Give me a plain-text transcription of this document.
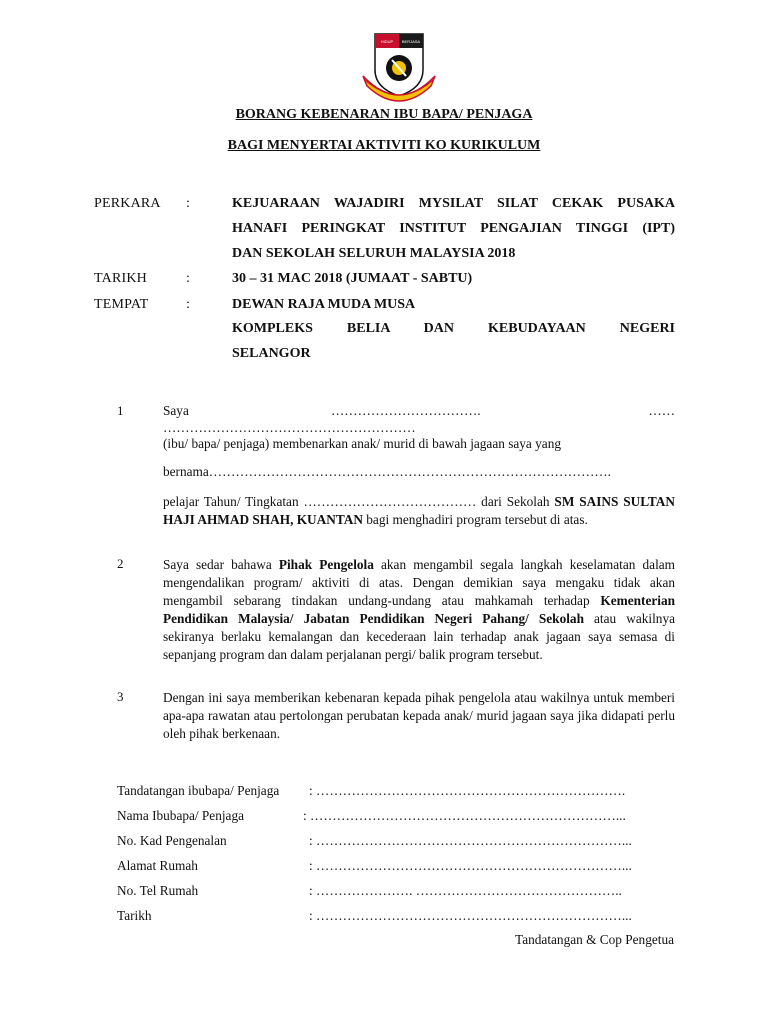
HIDUP BERJASA
BORANG KEBENARAN IBU BAPA/ PENJAGA
BAGI MENYERTAI AKTIVITI KO KURIKULUM
PERKARA :	KEJUARAAN WAJADIRI MYSILAT SILAT CEKAK PUSAKA
HANAFI PERINGKAT INSTITUT PENGAJIAN TINGGI (IPT)
DAN SEKOLAH SELURUH MALAYSIA 2018
TARIKH	:	30 – 31 MAC 2018 (JUMAAT - SABTU)
TEMPAT	:	DEWAN RAJA MUDA MUSA
KOMPLEKS BELIA DAN KEBUDAYAAN NEGERI
SELANGOR
1	Saya	…………………………….	……
…………………………………………………
(ibu/ bapa/ penjaga) membenarkan anak/ murid di bawah jagaan saya yang
bernama……………………………………………………………………………….
pelajar Tahun/ Tingkatan ………………………………… dari Sekolah SM SAINS SULTAN HAJI AHMAD SHAH, KUANTAN bagi menghadiri program tersebut di atas.
2	Saya sedar bahawa Pihak Pengelola akan mengambil segala langkah keselamatan dalam mengendalikan program/ aktiviti di atas. Dengan demikian saya mengaku tidak akan mengambil sebarang tindakan undang-undang atau mahkamah terhadap Kementerian Pendidikan Malaysia/ Jabatan Pendidikan Negeri Pahang/ Sekolah atau wakilnya sekiranya berlaku kemalangan dan kecederaan lain terhadap anak jagaan saya semasa di sepanjang program dan dalam perjalanan pergi/ balik program tersebut.
3	Dengan ini saya memberikan kebenaran kepada pihak pengelola atau wakilnya untuk memberi apa-apa rawatan atau pertolongan perubatan kepada anak/ murid jagaan saya jika didapati perlu oleh pihak berkenaan.
Tandatangan ibubapa/ Penjaga : …………………………………………………………….
Nama Ibubapa/ Penjaga	: ……………………………………………………………...
No. Kad Pengenalan	: ……………………………………………………………...
Alamat Rumah	: ……………………………………………………………...
No. Tel Rumah	: …………………. ………………………………………..
Tarikh	: ……………………………………………………………...
Tandatangan & Cop Pengetua
